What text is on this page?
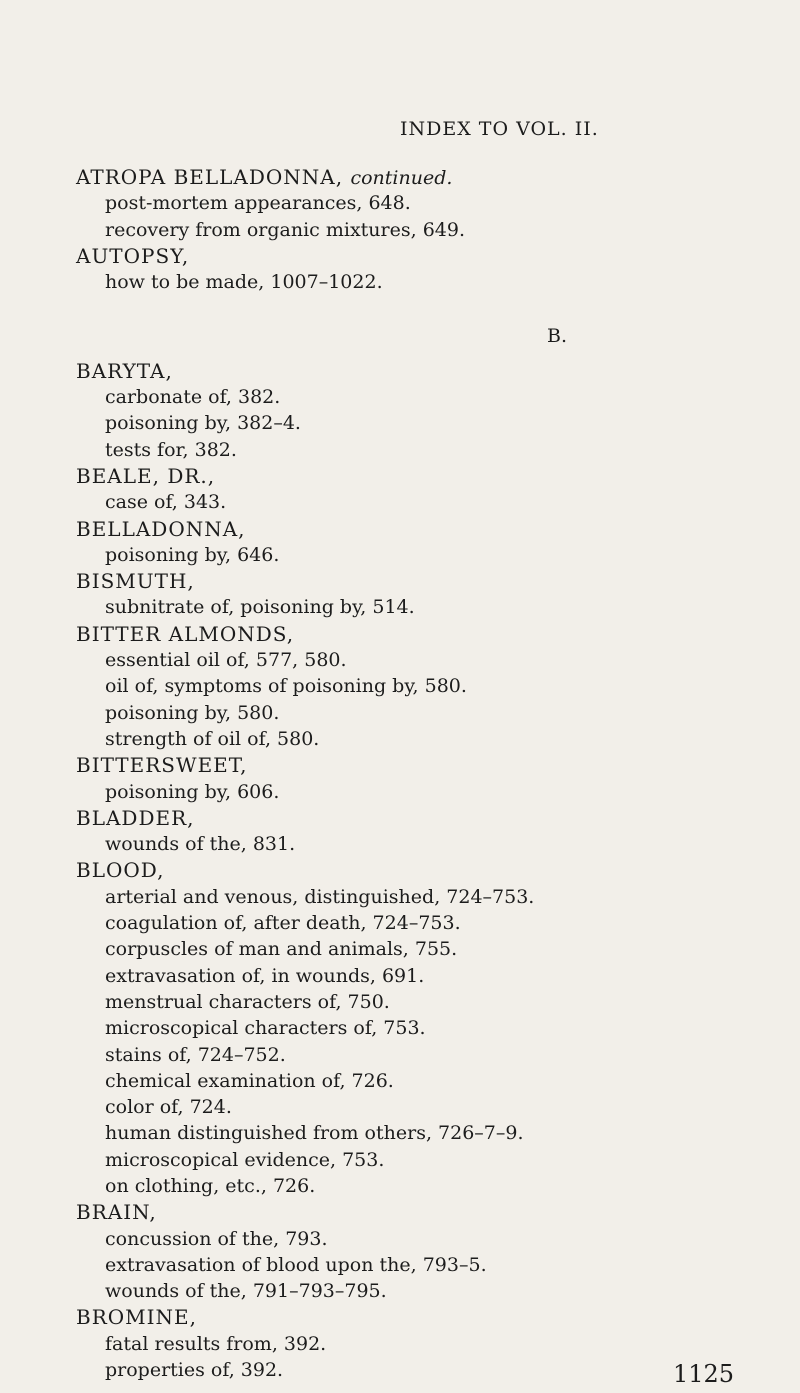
INDEX TO VOL. II.
ATROPA BELLADONNA, continued.
post-mortem appearances, 648.
recovery from organic mixtures, 649.
AUTOPSY,
how to be made, 1007–1022.
B.
BARYTA,
carbonate of, 382.
poisoning by, 382–4.
tests for, 382.
BEALE, DR.,
case of, 343.
BELLADONNA,
poisoning by, 646.
BISMUTH,
subnitrate of, poisoning by, 514.
BITTER ALMONDS,
essential oil of, 577, 580.
oil of, symptoms of poisoning by, 580.
poisoning by, 580.
strength of oil of, 580.
BITTERSWEET,
poisoning by, 606.
BLADDER,
wounds of the, 831.
BLOOD,
arterial and venous, distinguished, 724–753.
coagulation of, after death, 724–753.
corpuscles of man and animals, 755.
extravasation of, in wounds, 691.
menstrual characters of, 750.
microscopical characters of, 753.
stains of, 724–752.
chemical examination of, 726.
color of, 724.
human distinguished from others, 726–7–9.
microscopical evidence, 753.
on clothing, etc., 726.
BRAIN,
concussion of the, 793.
extravasation of blood upon the, 793–5.
wounds of the, 791–793–795.
BROMINE,
fatal results from, 392.
properties of, 392.	1125
